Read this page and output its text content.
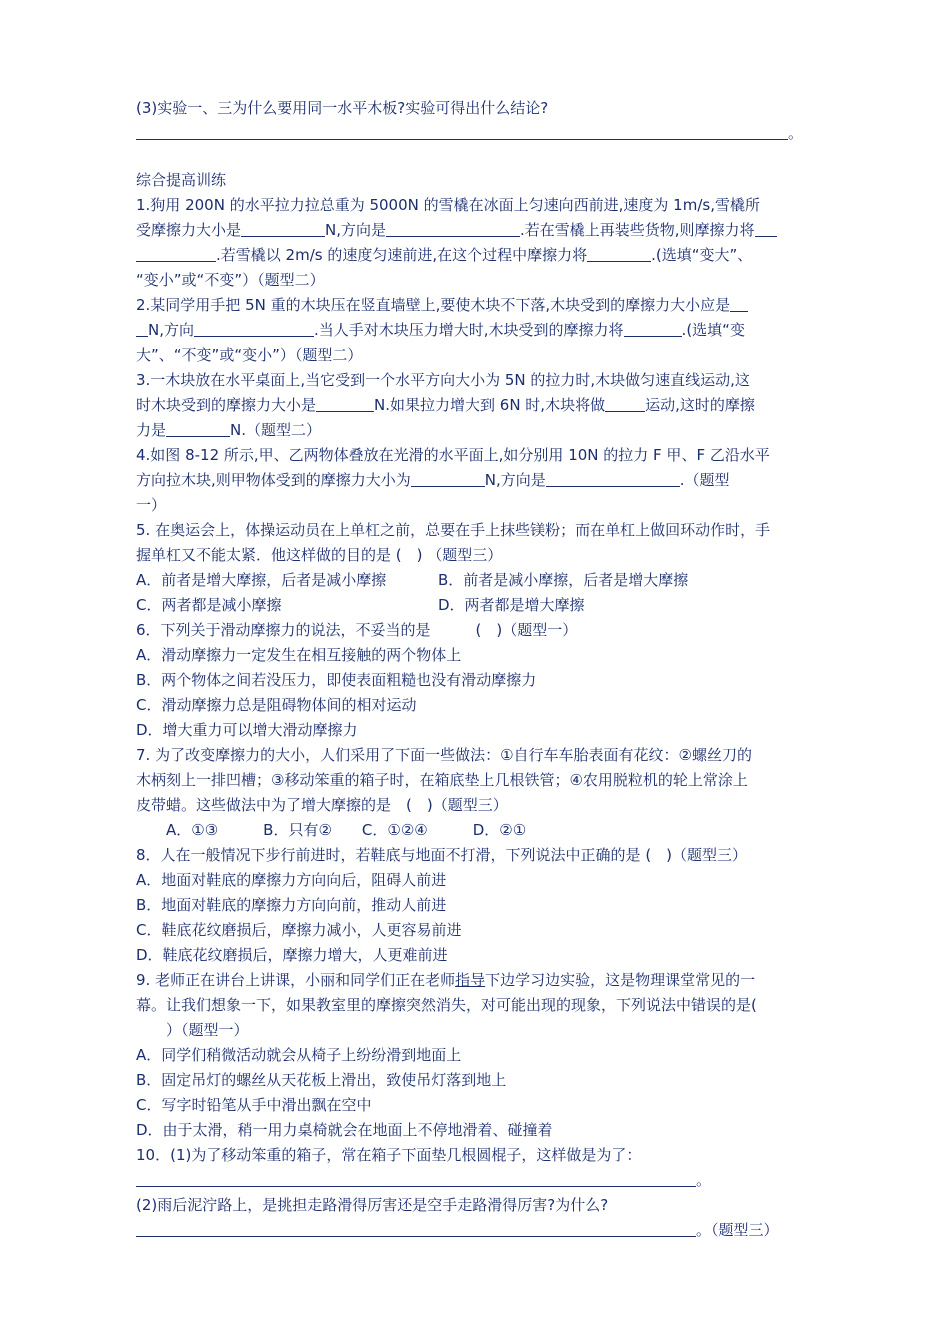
(3)实验一、三为什么要用同一水平木板?实验可得出什么结论?
。
综合提高训练
1.狗用 200N 的水平拉力拉总重为 5000N 的雪橇在冰面上匀速向西前进,速度为 1m/s,雪橇所
受摩擦力大小是	N,方向是	.若在雪橇上再装些货物,则摩擦力将
.若雪橇以 2m/s 的速度匀速前进,在这个过程中摩擦力将	.(选填“变大”、
“变小”或“不变”）（题型二）
2.某同学用手把 5N 重的木块压在竖直墙壁上,要使木块不下落,木块受到的摩擦力大小应是
N,方向	.当人手对木块压力增大时,木块受到的摩擦力将	.(选填“变
大”、“不变”或“变小”）（题型二）
3.一木块放在水平桌面上,当它受到一个水平方向大小为 5N 的拉力时,木块做匀速直线运动,这
时木块受到的摩擦力大小是	N.如果拉力增大到 6N 时,木块将做	运动,这时的摩擦
力是	N.（题型二）
4.如图 8-12 所示,甲、乙两物体叠放在光滑的水平面上,如分别用 10N 的拉力 F 甲、F 乙沿水平
方向拉木块,则甲物体受到的摩擦力大小为	N,方向是	.（题型
一）
5. 在奥运会上，体操运动员在上单杠之前，总要在手上抹些镁粉；而在单杠上做回环动作时，手
握单杠又不能太紧．他这样做的目的是 (　) （题型三）
A．前者是增大摩擦，后者是减小摩擦	B．前者是减小摩擦，后者是增大摩擦
C．两者都是减小摩擦	D．两者都是增大摩擦
6．下列关于滑动摩擦力的说法，不妥当的是　　　(　)（题型一）
A．滑动摩擦力一定发生在相互接触的两个物体上
B．两个物体之间若没压力，即使表面粗糙也没有滑动摩擦力
C．滑动摩擦力总是阻碍物体间的相对运动
D．增大重力可以增大滑动摩擦力
7. 为了改变摩擦力的大小，人们采用了下面一些做法：①自行车车胎表面有花纹：②螺丝刀的
木柄刻上一排凹槽；③移动笨重的箱子时，在箱底垫上几根铁管；④农用脱粒机的轮上常涂上
皮带蜡。这些做法中为了增大摩擦的是　(　)（题型三）
A．①③　　　B．只有②　　C．①②④　　　D．②①
8．人在一般情况下步行前进时，若鞋底与地面不打滑，下列说法中正确的是 (　)（题型三）
A．地面对鞋底的摩擦力方向向后，阻碍人前进
B．地面对鞋底的摩擦力方向向前，推动人前进
C．鞋底花纹磨损后，摩擦力减小，人更容易前进
D．鞋底花纹磨损后，摩擦力增大，人更难前进
9. 老师正在讲台上讲课，小丽和同学们正在老师指导下边学习边实验，这是物理课堂常见的一
幕。让我们想象一下，如果教室里的摩擦突然消失，对可能出现的现象，下列说法中错误的是(
　　）（题型一）
A．同学们稍微活动就会从椅子上纷纷滑到地面上
B．固定吊灯的螺丝从天花板上滑出，致使吊灯落到地上
C．写字时铅笔从手中滑出飘在空中
D．由于太滑，稍一用力桌椅就会在地面上不停地滑着、碰撞着
10．(1)为了移动笨重的箱子，常在箱子下面垫几根圆棍子，这样做是为了：
。
(2)雨后泥泞路上，是挑担走路滑得厉害还是空手走路滑得厉害?为什么?
。（题型三）
